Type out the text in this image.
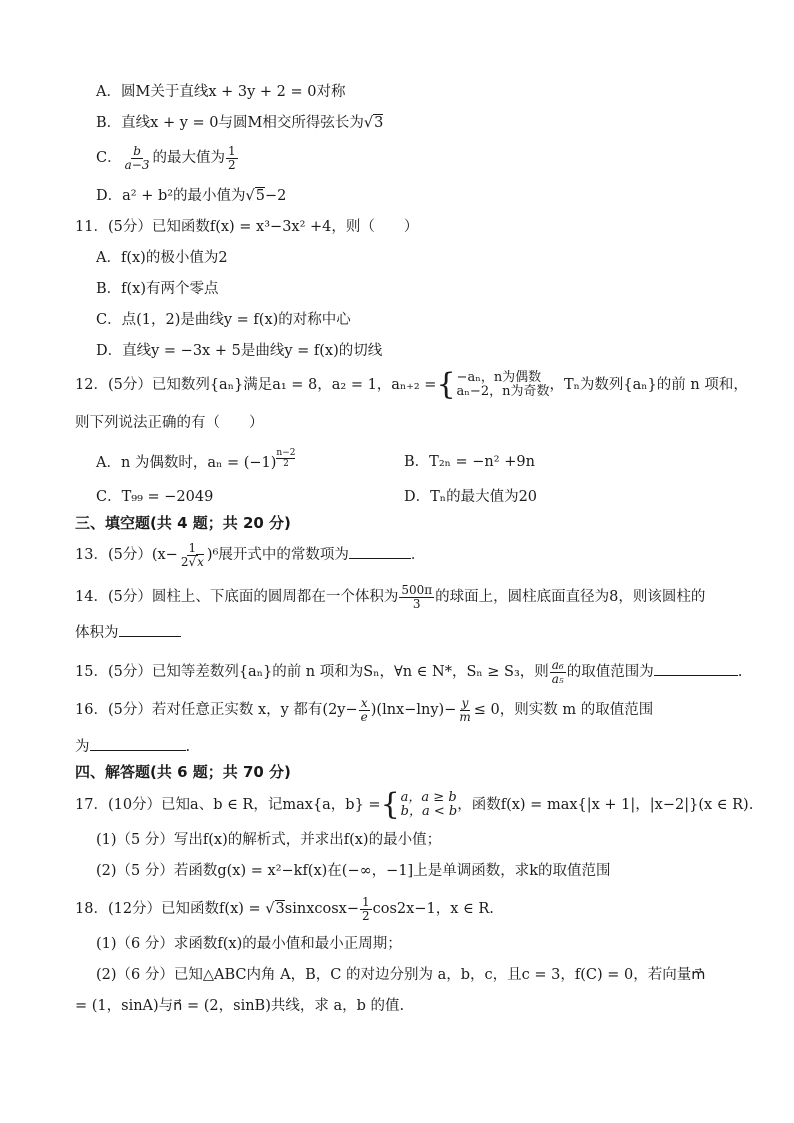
A．圆M关于直线x + 3y + 2 = 0对称
B．直线x + y = 0与圆M相交所得弦长为√3
C． $\frac{b}{a-3}$ 的最大值为 $\frac{1}{2}$
D．a² + b²的最小值为√5−2
11．(5分）已知函数f(x) = x³−3x² +4，则（　　）
A．f(x)的极小值为2
B．f(x)有两个零点
C．点(1，2)是曲线y = f(x)的对称中心
D．直线y = −3x + 5是曲线y = f(x)的切线
12．(5分）已知数列{aₙ}满足a₁ = 8，a₂ = 1，aₙ₊₂ = { −aₙ，n为偶数
aₙ−2，n为奇数 ，Tₙ为数列{aₙ}的前 n 项和，
则下列说法正确的有（　　）
A．n 为偶数时，aₙ = (−1) $^{\frac{n-2}{2}}$	B．T₂ₙ = −n² +9n
C．T₉₉ = −2049	D．Tₙ的最大值为20
三、填空题(共 4 题；共 20 分)
13．(5分）$(x- \frac{1}{2√x} )^6$展开式中的常数项为	．
14．(5分）圆柱上、下底面的圆周都在一个体积为 $\frac{500\pi}{3}$ 的球面上，圆柱底面直径为8，则该圆柱的
体积为
15．(5分）已知等差数列{aₙ}的前 n 项和为Sₙ，∀n ∈ N*，Sₙ ≥ S₃，则 $\frac{\text{a₆}}{\text{a₅}}$ 的取值范围为	.
16．(5分）若对任意正实数 x，y 都有$(2y- \frac{x}{e} )(\ln x-\ln y)- \frac{y}{m} \le 0$，则实数 m 的取值范围
为	.
四、解答题(共 6 题；共 70 分)
17．(10分）已知a、b ∈ R，记max{a，b} = { a，a ≥ b
b，a < b ，函数f(x) = max{|x + 1|，|x−2|}(x ∈ R).
(1)（5 分）写出f(x)的解析式，并求出f(x)的最小值；
(2)（5 分）若函数g(x) = x²−kf(x)在(−∞，−1]上是单调函数，求k的取值范围
18．(12分）已知函数f(x) = √3sinxcosx− $\frac{1}{2} \cos 2x-1$，x ∈ R.
(1)（6 分）求函数f(x)的最小值和最小正周期；
(2)（6 分）已知△ABC内角 A，B，C 的对边分别为 a，b，c，且c = 3，f(C) = 0，若向量m⃗
= (1，sinA)与n⃗ = (2，sinB)共线，求 a，b 的值.
